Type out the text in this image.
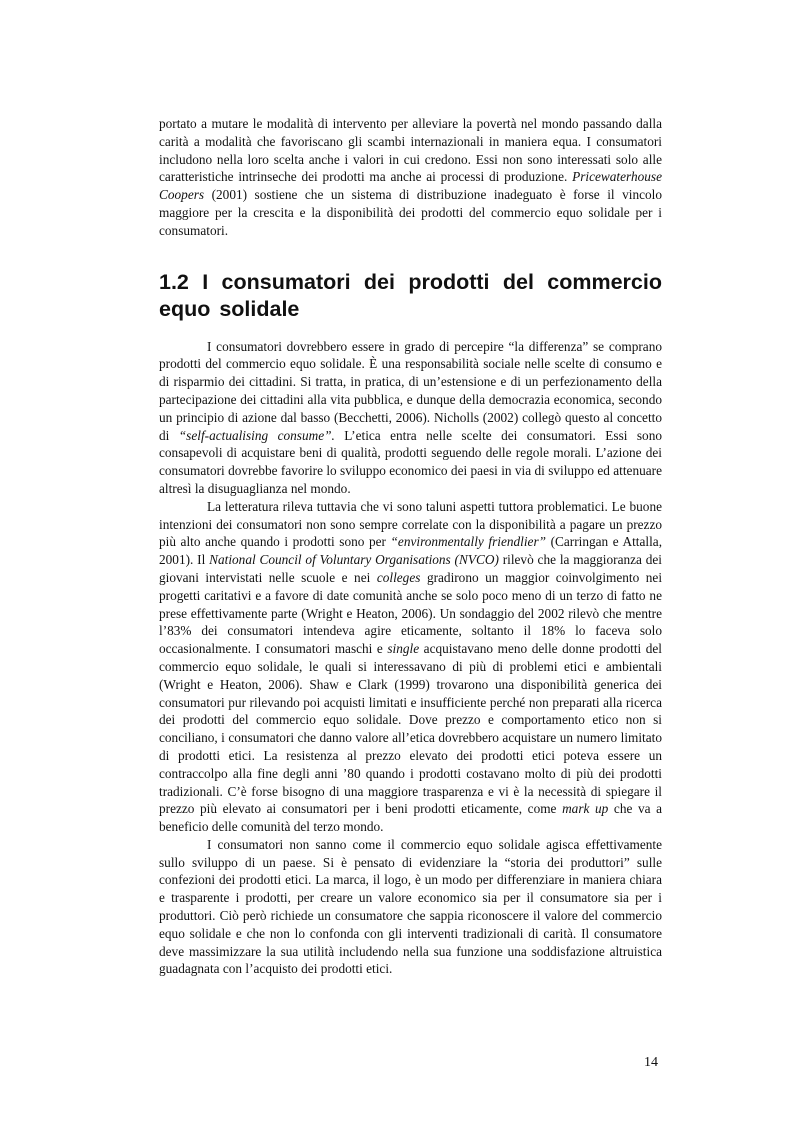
portato a mutare le modalità di intervento per alleviare la povertà nel mondo passando dalla carità a modalità che favoriscano gli scambi internazionali in maniera equa. I consumatori includono nella loro scelta anche i valori in cui credono. Essi non sono interessati solo alle caratteristiche intrinseche dei prodotti ma anche ai processi di produzione. Pricewaterhouse Coopers (2001) sostiene che un sistema di distribuzione inadeguato è forse il vincolo maggiore per la crescita e la disponibilità dei prodotti del commercio equo solidale per i consumatori.

1.2 I consumatori dei prodotti del commercio equo solidale

I consumatori dovrebbero essere in grado di percepire “la differenza” se comprano prodotti del commercio equo solidale. È una responsabilità sociale nelle scelte di consumo e di risparmio dei cittadini. Si tratta, in pratica, di un’estensione e di un perfezionamento della partecipazione dei cittadini alla vita pubblica, e dunque della democrazia economica, secondo un principio di azione dal basso (Becchetti, 2006). Nicholls (2002) collegò questo al concetto di “self-actualising consume”. L’etica entra nelle scelte dei consumatori. Essi sono consapevoli di acquistare beni di qualità, prodotti seguendo delle regole morali. L’azione dei consumatori dovrebbe favorire lo sviluppo economico dei paesi in via di sviluppo ed attenuare altresì la disuguaglianza nel mondo.

La letteratura rileva tuttavia che vi sono taluni aspetti tuttora problematici. Le buone intenzioni dei consumatori non sono sempre correlate con la disponibilità a pagare un prezzo più alto anche quando i prodotti sono per “environmentally friendlier” (Carringan e Attalla, 2001). Il National Council of Voluntary Organisations (NVCO) rilevò che la maggioranza dei giovani intervistati nelle scuole e nei colleges gradirono un maggior coinvolgimento nei progetti caritativi e a favore di date comunità anche se solo poco meno di un terzo di fatto ne prese effettivamente parte (Wright e Heaton, 2006). Un sondaggio del 2002 rilevò che mentre l’83% dei consumatori intendeva agire eticamente, soltanto il 18% lo faceva solo occasionalmente. I consumatori maschi e single acquistavano meno delle donne prodotti del commercio equo solidale, le quali si interessavano di più di problemi etici e ambientali (Wright e Heaton, 2006). Shaw e Clark (1999) trovarono una disponibilità generica dei consumatori pur rilevando poi acquisti limitati e insufficiente perché non preparati alla ricerca dei prodotti del commercio equo solidale. Dove prezzo e comportamento etico non si conciliano, i consumatori che danno valore all’etica dovrebbero acquistare un numero limitato di prodotti etici. La resistenza al prezzo elevato dei prodotti etici poteva essere un contraccolpo alla fine degli anni ’80 quando i prodotti costavano molto di più dei prodotti tradizionali. C’è forse bisogno di una maggiore trasparenza e vi è la necessità di spiegare il prezzo più elevato ai consumatori per i beni prodotti eticamente, come mark up che va a beneficio delle comunità del terzo mondo.

I consumatori non sanno come il commercio equo solidale agisca effettivamente sullo sviluppo di un paese. Si è pensato di evidenziare la “storia dei produttori” sulle confezioni dei prodotti etici. La marca, il logo, è un modo per differenziare in maniera chiara e trasparente i prodotti, per creare un valore economico sia per il consumatore sia per i produttori. Ciò però richiede un consumatore che sappia riconoscere il valore del commercio equo solidale e che non lo confonda con gli interventi tradizionali di carità. Il consumatore deve massimizzare la sua utilità includendo nella sua funzione una soddisfazione altruistica guadagnata con l’acquisto dei prodotti etici.

14
